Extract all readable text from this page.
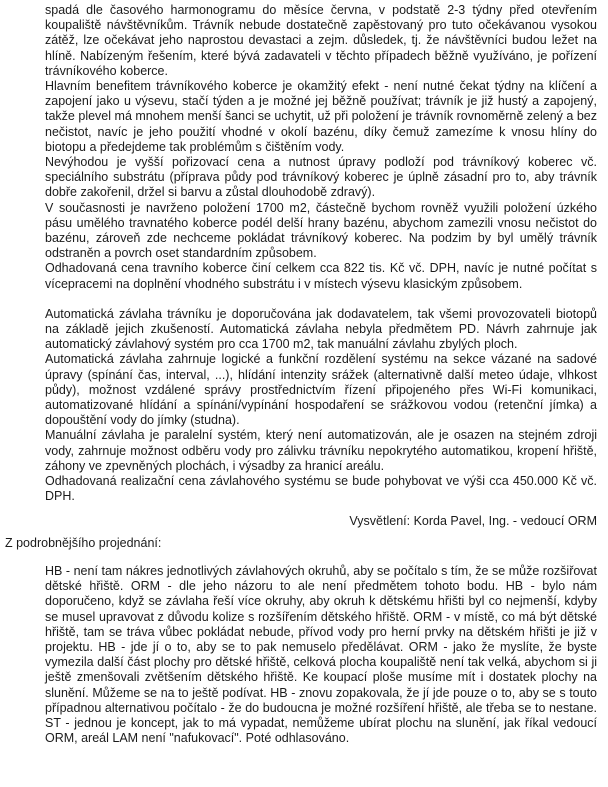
spadá dle časového harmonogramu do měsíce června, v podstatě 2-3 týdny před otevřením koupaliště návštěvníkům. Trávník nebude dostatečně zapěstovaný pro tuto očekávanou vysokou zátěž, lze očekávat jeho naprostou devastaci a zejm. důsledek, tj. že návštěvníci budou ležet na hlíně. Nabízeným řešením, které bývá zadavateli v těchto případech běžně využíváno, je pořízení trávníkového koberce.

Hlavním benefitem trávníkového koberce je okamžitý efekt - není nutné čekat týdny na klíčení a zapojení jako u výsevu, stačí týden a je možné jej běžně používat; trávník je již hustý a zapojený, takže plevel má mnohem menší šanci se uchytit, už při položení je trávník rovnoměrně zelený a bez nečistot, navíc je jeho použití vhodné v okolí bazénu, díky čemuž zamezíme k vnosu hlíny do biotopu a předejdeme tak problémům s čištěním vody.

Nevýhodou je vyšší pořizovací cena a nutnost úpravy podloží pod trávníkový koberec vč. speciálního substrátu (příprava půdy pod trávníkový koberec je úplně zásadní pro to, aby trávník dobře zakořenil, držel si barvu a zůstal dlouhodobě zdravý).

V současnosti je navrženo položení 1700 m2, částečně bychom rovněž využili položení úzkého pásu umělého travnatého koberce podél delší hrany bazénu, abychom zamezili vnosu nečistot do bazénu, zároveň zde nechceme pokládat trávníkový koberec. Na podzim by byl umělý trávník odstraněn a povrch oset standardním způsobem.

Odhadovaná cena travního koberce činí celkem cca 822 tis. Kč vč. DPH, navíc je nutné počítat s vícepracemi na doplnění vhodného substrátu i v místech výsevu klasickým způsobem.

Automatická závlaha trávníku je doporučována jak dodavatelem, tak všemi provozovateli biotopů na základě jejich zkušeností. Automatická závlaha nebyla předmětem PD. Návrh zahrnuje jak automatický závlahový systém pro cca 1700 m2, tak manuální závlahu zbylých ploch.

Automatická závlaha zahrnuje logické a funkční rozdělení systému na sekce vázané na sadové úpravy (spínání čas, interval, ...), hlídání intenzity srážek (alternativně další meteo údaje, vlhkost půdy), možnost vzdálené správy prostřednictvím řízení připojeného přes Wi-Fi komunikaci, automatizované hlídání a spínání/vypínání hospodaření se srážkovou vodou (retenční jímka) a dopouštění vody do jímky (studna).

Manuální závlaha je paralelní systém, který není automatizován, ale je osazen na stejném zdroji vody, zahrnuje možnost odběru vody pro zálivku trávníku nepokrytého automatikou, kropení hřiště, záhony ve zpevněných plochách, i výsadby za hranicí areálu.

Odhadovaná realizační cena závlahového systému se bude pohybovat ve výši cca 450.000 Kč vč. DPH.

Vysvětlení: Korda Pavel, Ing. - vedoucí ORM

Z podrobnějšího projednání:

HB - není tam nákres jednotlivých závlahových okruhů, aby se počítalo s tím, že se může rozšiřovat dětské hřiště. ORM - dle jeho názoru to ale není předmětem tohoto bodu. HB - bylo nám doporučeno, když se závlaha řeší více okruhy, aby okruh k dětskému hřišti byl co nejmenší, kdyby se musel upravovat z důvodu kolize s rozšířením dětského hřiště. ORM - v místě, co má být dětské hřiště, tam se tráva vůbec pokládat nebude, přívod vody pro herní prvky na dětském hřišti je již v projektu. HB - jde jí o to, aby se to pak nemuselo předělávat. ORM - jako že myslíte, že byste vymezila další část plochy pro dětské hřiště, celková plocha koupaliště není tak velká, abychom si ji ještě zmenšovali zvětšením dětského hřiště. Ke koupací ploše musíme mít i dostatek plochy na slunění. Můžeme se na to ještě podívat. HB - znovu zopakovala, že jí jde pouze o to, aby se s touto případnou alternativou počítalo - že do budoucna je možné rozšíření hřiště, ale třeba se to nestane. ST - jednou je koncept, jak to má vypadat, nemůžeme ubírat plochu na slunění, jak říkal vedoucí ORM, areál LAM není "nafukovací". Poté odhlasováno.
